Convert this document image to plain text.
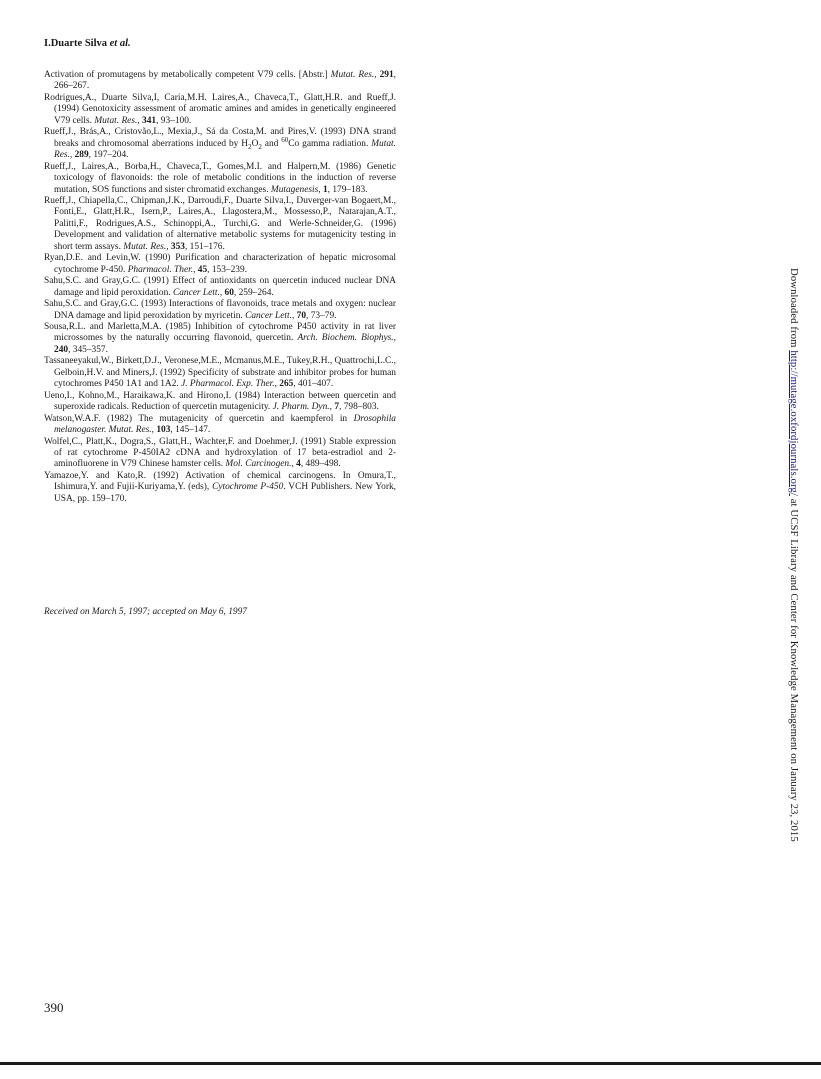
I.Duarte Silva et al.
Activation of promutagens by metabolically competent V79 cells. [Abstr.] Mutat. Res., 291, 266–267.
Rodrigues,A., Duarte Silva,I, Caria,M.H. Laires,A., Chaveca,T., Glatt,H.R. and Rueff,J. (1994) Genotoxicity assessment of aromatic amines and amides in genetically engineered V79 cells. Mutat. Res., 341, 93–100.
Rueff,J., Brás,A., Cristovão,L., Mexia,J., Sá da Costa,M. and Pires,V. (1993) DNA strand breaks and chromosomal aberrations induced by $H_2O_2$ and $^{60}$Co gamma radiation. Mutat. Res., 289, 197–204.
Rueff,J., Laires,A., Borba,H., Chaveca,T., Gomes,M.I. and Halpern,M. (1986) Genetic toxicology of flavonoids: the role of metabolic conditions in the induction of reverse mutation, SOS functions and sister chromatid exchanges. Mutagenesis, 1, 179–183.
Rueff,J., Chiapella,C., Chipman,J.K., Darroudi,F., Duarte Silva,I., Duverger-van Bogaert,M., Fonti,E., Glatt,H.R., Isern,P., Laires,A., Llagostera,M., Mossesso,P., Natarajan,A.T., Palitti,F., Rodrigues,A.S., Schinoppi,A., Turchi,G. and Werle-Schneider,G. (1996) Development and validation of alternative metabolic systems for mutagenicity testing in short term assays. Mutat. Res., 353, 151–176.
Ryan,D.E. and Levin,W. (1990) Purification and characterization of hepatic microsomal cytochrome P-450. Pharmacol. Ther., 45, 153–239.
Sahu,S.C. and Gray,G.C. (1991) Effect of antioxidants on quercetin induced nuclear DNA damage and lipid peroxidation. Cancer Lett., 60, 259–264.
Sahu,S.C. and Gray,G.C. (1993) Interactions of flavonoids, trace metals and oxygen: nuclear DNA damage and lipid peroxidation by myricetin. Cancer Lett., 70, 73–79.
Sousa,R.L. and Marletta,M.A. (1985) Inhibition of cytochrome P450 activity in rat liver microssomes by the naturally occurring flavonoid, quercetin. Arch. Biochem. Biophys., 240, 345–357.
Tassaneeyakul,W., Birkett,D.J., Veronese,M.E., Mcmanus,M.E., Tukey,R.H., Quattrochi,L.C., Gelboin,H.V. and Miners,J. (1992) Specificity of substrate and inhibitor probes for human cytochromes P450 1A1 and 1A2. J. Pharmacol. Exp. Ther., 265, 401–407.
Ueno,I., Kohno,M., Haraikawa,K. and Hirono,I. (1984) Interaction between quercetin and superoxide radicals. Reduction of quercetin mutagenicity. J. Pharm. Dyn., 7, 798–803.
Watson,W.A.F. (1982) The mutagenicity of quercetin and kaempferol in Drosophila melanogaster. Mutat. Res., 103, 145–147.
Wolfel,C., Platt,K., Dogra,S., Glatt,H., Wachter,F. and Doehmer,J. (1991) Stable expression of rat cytochrome P-450IA2 cDNA and hydroxylation of 17 beta-estradiol and 2-aminofluorene in V79 Chinese hamster cells. Mol. Carcinogen., 4, 489–498.
Yamazoe,Y. and Kato,R. (1992) Activation of chemical carcinogens. In Omura,T., Ishimura,Y. and Fujii-Kuriyama,Y. (eds), Cytochrome P-450. VCH Publishers. New York, USA, pp. 159–170.
Received on March 5, 1997; accepted on May 6, 1997
390
Downloaded from http://mutage.oxfordjournals.org/ at UCSF Library and Center for Knowledge Management on January 23, 2015
